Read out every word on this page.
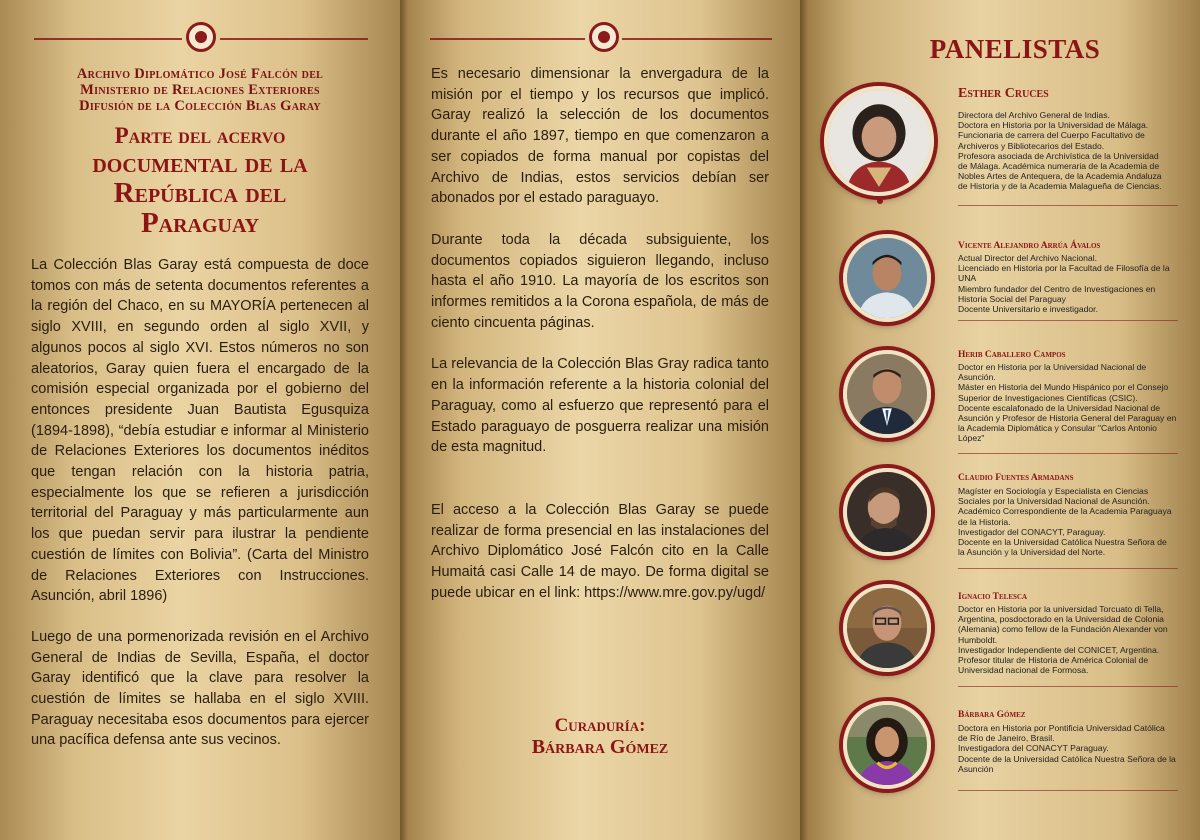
Archivo Diplomático José Falcón del
Ministerio de Relaciones Exteriores
Difusión de la Colección Blas Garay
Parte del acervo
documental de la
República del
Paraguay

La Colección Blas Garay está compuesta de doce tomos con más de setenta documentos referentes a la región del Chaco, en su MAYORÍA pertenecen al siglo XVIII, en segundo orden al siglo XVII, y algunos pocos al siglo XVI. Estos números no son aleatorios, Garay quien fuera el encargado de la comisión especial organizada por el gobierno del entonces presidente Juan Bautista Egusquiza (1894-1898), “debía estudiar e informar al Ministerio de Relaciones Exteriores los documentos inéditos que tengan relación con la historia patria, especialmente los que se refieren a jurisdicción territorial del Paraguay y más particularmente aun los que puedan servir para ilustrar la pendiente cuestión de límites con Bolivia”. (Carta del Ministro de Relaciones Exteriores con Instrucciones. Asunción, abril 1896)

Luego de una pormenorizada revisión en el Archivo General de Indias de Sevilla, España, el doctor Garay identificó que la clave para resolver la cuestión de límites se hallaba en el siglo XVIII. Paraguay necesitaba esos documentos para ejercer una pacífica defensa ante sus vecinos.

Es necesario dimensionar la envergadura de la misión por el tiempo y los recursos que implicó. Garay realizó la selección de los documentos durante el año 1897, tiempo en que comenzaron a ser copiados de forma manual por copistas del Archivo de Indias, estos servicios debían ser abonados por el estado paraguayo.

Durante toda la década subsiguiente, los documentos copiados siguieron llegando, incluso hasta el año 1910. La mayoría de los escritos son informes remitidos a la Corona española, de más de ciento cincuenta páginas.

La relevancia de la Colección Blas Gray radica tanto en la información referente a la historia colonial del Paraguay, como al esfuerzo que representó para el Estado paraguayo de posguerra realizar una misión de esta magnitud.

El acceso a la Colección Blas Garay se puede realizar de forma presencial en las instalaciones del Archivo Diplomático José Falcón cito en la Calle Humaitá casi Calle 14 de mayo. De forma digital se puede ubicar en el link: https://www.mre.gov.py/ugd/

Curaduría:
Bárbara Gómez
PANELISTAS
Esther Cruces
Directora del Archivo General de Indias.
Doctora en Historia por la Universidad de Málaga.
Funcionaria de carrera del Cuerpo Facultativo de
Archiveros y Bibliotecarios del Estado.
Profesora asociada de Archivística de la Universidad
de Málaga. Académica numeraria de la Academia de
Nobles Artes de Antequera, de la Academia Andaluza
de Historia y de la Academia Malagueña de Ciencias.
Vicente Alejandro Arrúa Ávalos
Actual Director del Archivo Nacional.
Licenciado en Historia por la Facultad de Filosofía de la UNA
Miembro fundador del Centro de Investigaciones en
Historia Social del Paraguay
Docente Universitario e investigador.
Herib Caballero Campos
Doctor en Historia por la Universidad Nacional de
Asunción.
Máster en Historia del Mundo Hispánico por el Consejo
Superior de Investigaciones Científicas (CSIC).
Docente escalafonado de la Universidad Nacional de
Asunción y Profesor de Historia General del Paraguay en
la Academia Diplomática y Consular "Carlos Antonio
López"
Claudio Fuentes Armadans
Magíster en Sociología y Especialista en Ciencias
Sociales por la Universidad Nacional de Asunción.
Académico Correspondiente de la Academia Paraguaya
de la Historia.
Investigador del CONACYT, Paraguay.
Docente en la Universidad Católica Nuestra Señora de
la Asunción y la Universidad del Norte.
Ignacio Telesca
Doctor en Historia por la universidad Torcuato di Tella,
Argentina, posdoctorado en la Universidad de Colonia
(Alemania) como fellow de la Fundación Alexander von
Humboldt.
Investigador Independiente del CONICET, Argentina.
Profesor titular de Historia de América Colonial de
Universidad nacional de Formosa.
Bárbara Gómez
Doctora en Historia por Pontificia Universidad Católica
de Río de Janeiro, Brasil.
Investigadora del CONACYT Paraguay.
Docente de la Universidad Católica Nuestra Señora de la
Asunción
